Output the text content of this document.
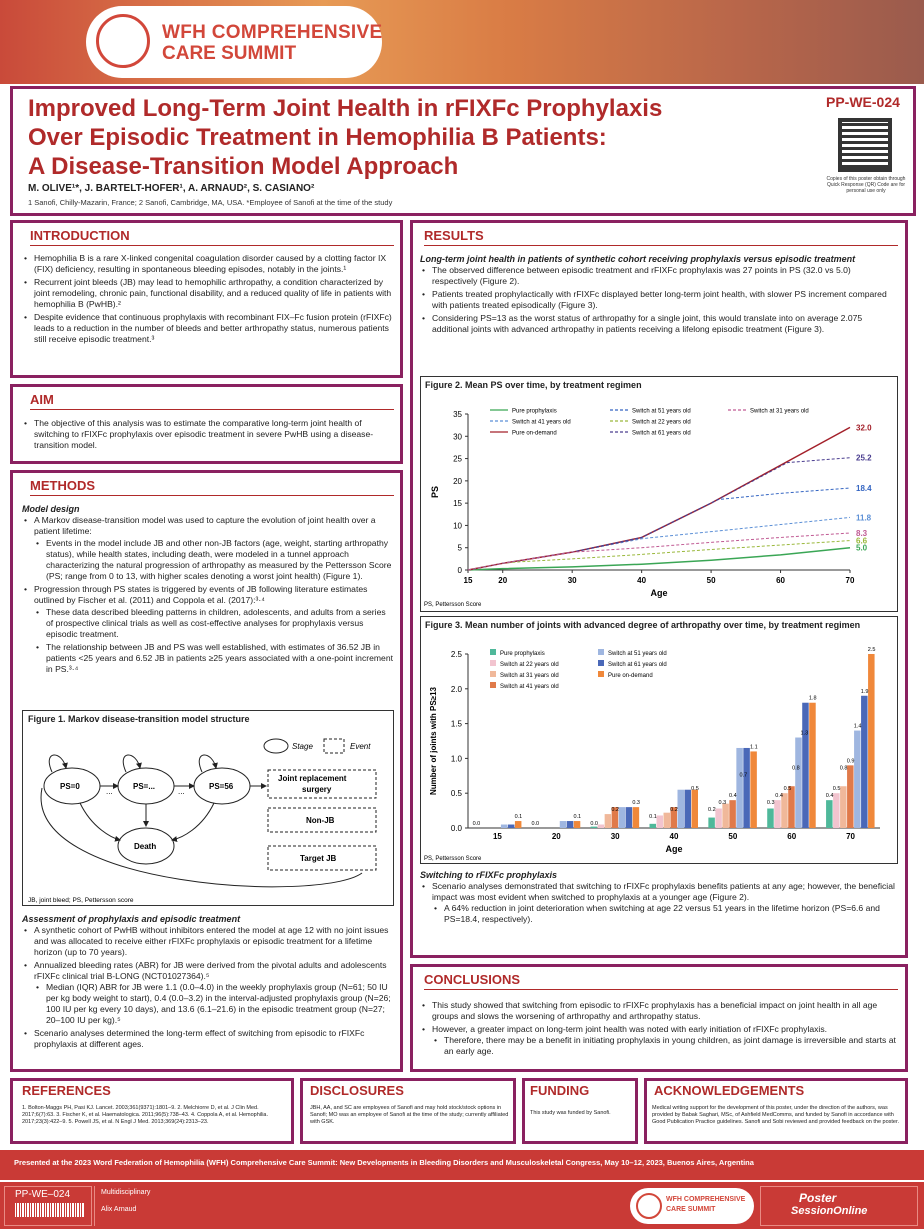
WFH COMPREHENSIVE
CARE SUMMIT
Improved Long-Term Joint Health in rFIXFc Prophylaxis
Over Episodic Treatment in Hemophilia B Patients:
A Disease-Transition Model Approach
PP-WE-024
Copies of this poster obtain through Quick Response (QR) Code are for personal use only
M. OLIVE¹*, J. BARTELT-HOFER¹, A. ARNAUD², S. CASIANO²
1 Sanofi, Chilly-Mazarin, France; 2 Sanofi, Cambridge, MA, USA. *Employee of Sanofi at the time of the study
INTRODUCTION
• Hemophilia B is a rare X-linked congenital coagulation disorder caused by a clotting factor IX (FIX) deficiency, resulting in spontaneous bleeding episodes, notably in the joints.¹
• Recurrent joint bleeds (JB) may lead to hemophilic arthropathy, a condition characterized by joint remodeling, chronic pain, functional disability, and a reduced quality of life in patients with hemophilia B (PwHB).²
• Despite evidence that continuous prophylaxis with recombinant FIX–Fc fusion protein (rFIXFc) leads to a reduction in the number of bleeds and better arthropathy status, numerous patients still receive episodic treatment.³
AIM
• The objective of this analysis was to estimate the comparative long-term joint health of switching to rFIXFc prophylaxis over episodic treatment in severe PwHB using a disease-transition model.
METHODS
Model design
• A Markov disease-transition model was used to capture the evolution of joint health over a patient lifetime:
• Events in the model include JB and other non-JB factors (age, weight, starting arthropathy status), while health states, including death, were modeled in a tunnel approach characterizing the natural progression of arthropathy as measured by the Pettersson Score (PS; range from 0 to 13, with higher scales denoting a worst joint health) (Figure 1).
• Progression through PS states is triggered by events of JB following literature estimates outlined by Fischer et al. (2011) and Coppola et al. (2017):³·⁴
• These data described bleeding patterns in children, adolescents, and adults from a series of prospective clinical trials as well as cost-effective analyses for prophylaxis versus episodic treatment.
• The relationship between JB and PS was well established, with estimates of 36.52 JB in patients <25 years and 6.52 JB in patients ≥25 years associated with a one-point increment in PS.³·⁴
Figure 1. Markov disease-transition model structure
Stage	Event
PS=0	PS=...	PS=56
...	...
Death
Joint replacement
surgery
Non-JB
Target JB
JB, joint bleed; PS, Pettersson score
Assessment of prophylaxis and episodic treatment
• A synthetic cohort of PwHB without inhibitors entered the model at age 12 with no joint issues and was allocated to receive either rFIXFc prophylaxis or episodic treatment for a lifetime horizon (up to 70 years).
• Annualized bleeding rates (ABR) for JB were derived from the pivotal adults and adolescents rFIXFc clinical trial B-LONG (NCT01027364).⁵
• Median (IQR) ABR for JB were 1.1 (0.0–4.0) in the weekly prophylaxis group (N=61; 50 IU per kg body weight to start), 0.4 (0.0–3.2) in the interval-adjusted prophylaxis group (N=26; 100 IU per kg every 10 days), and 13.6 (6.1–21.6) in the episodic treatment group (N=27; 20–100 IU per kg).⁵
• Scenario analyses determined the long-term effect of switching from episodic to rFIXFc prophylaxis at different ages.
RESULTS
Long-term joint health in patients of synthetic cohort receiving prophylaxis versus episodic treatment
• The observed difference between episodic treatment and rFIXFc prophylaxis was 27 points in PS (32.0 vs 5.0) respectively (Figure 2).
• Patients treated prophylactically with rFIXFc displayed better long-term joint health, with slower PS increment compared with patients treated episodically (Figure 3).
• Considering PS=13 as the worst status of arthropathy for a single joint, this would translate into on average 2.075 additional joints with advanced arthropathy in patients receiving a lifelong episodic treatment (Figure 3).
Figure 2. Mean PS over time, by treatment regimen
0
5
10
15
20
25
30
35
15	20	30	40	50	60	70
Age
PS
32.0
25.2
18.4
11.8
8.3
6.6
5.0
Pure prophylaxis
Switch at 41 years old
Pure on-demand
Switch at 51 years old
Switch at 22 years old
Switch at 61 years old
Switch at 31 years old
PS, Pettersson Score
Figure 3. Mean number of joints with advanced degree of arthropathy over time, by treatment regimen
0.0
0.5
1.0
1.5
2.0
2.5
Age
Number of joints with PS≥13
15
0.0
0.1
20
0.0
0.1
30
0.0
0.2
0.3
40
0.1
0.2
0.5
50
0.2
0.3
0.4
0.7
1.1
60
0.3
0.4
0.5
0.8
1.3
1.8
70
0.4
0.5
0.8
0.9
1.4
1.9
2.5
Pure prophylaxis
Switch at 22 years old
Switch at 31 years old
Switch at 41 years old
Switch at 51 years old
Switch at 61 years old
Pure on-demand
PS, Pettersson Score
Switching to rFIXFc prophylaxis
• Scenario analyses demonstrated that switching to rFIXFc prophylaxis benefits patients at any age; however, the beneficial impact was most evident when switched to prophylaxis at a younger age (Figure 2).
• A 64% reduction in joint deterioration when switching at age 22 versus 51 years in the lifetime horizon (PS=6.6 and PS=18.4, respectively).
CONCLUSIONS
• This study showed that switching from episodic to rFIXFc prophylaxis has a beneficial impact on joint health in all age groups and slows the worsening of arthropathy and arthropathy status.
• However, a greater impact on long-term joint health was noted with early initiation of rFIXFc prophylaxis.
• Therefore, there may be a benefit in initiating prophylaxis in young children, as joint damage is irreversible and starts at an early age.
REFERENCES
1. Bolton-Maggs PH, Pasi KJ. Lancet. 2003;361(9371):1801–9. 2. Melchiorre D, et al. J Clin Med. 2017;6(7):63. 3. Fischer K, et al. Haematologica. 2011;96(5):738–43. 4. Coppola A, et al. Hemophilia. 2017;23(3):422–9. 5. Powell JS, et al. N Engl J Med. 2013;369(24):2313–23.
DISCLOSURES
JBH, AA, and SC are employees of Sanofi and may hold stock/stock options in Sanofi; MO was an employee of Sanofi at the time of the study; currently affiliated with GSK.
FUNDING
This study was funded by Sanofi.
ACKNOWLEDGEMENTS
Medical writing support for the development of this poster, under the direction of the authors, was provided by Babak Saghari, MSc, of Ashfield MedComms, and funded by Sanofi in accordance with Good Publication Practice guidelines. Sanofi and Sobi reviewed and provided feedback on the poster.
Presented at the 2023 Word Federation of Hemophilia (WFH) Comprehensive Care Summit: New Developments in Bleeding Disorders and Musculoskeletal Congress, May 10–12, 2023, Buenos Aires, Argentina
PP-WE–024	Multidisciplinary
Alix Arnaud
WFH COMPREHENSIVE
CARE SUMMIT
Poster
SessionOnline
